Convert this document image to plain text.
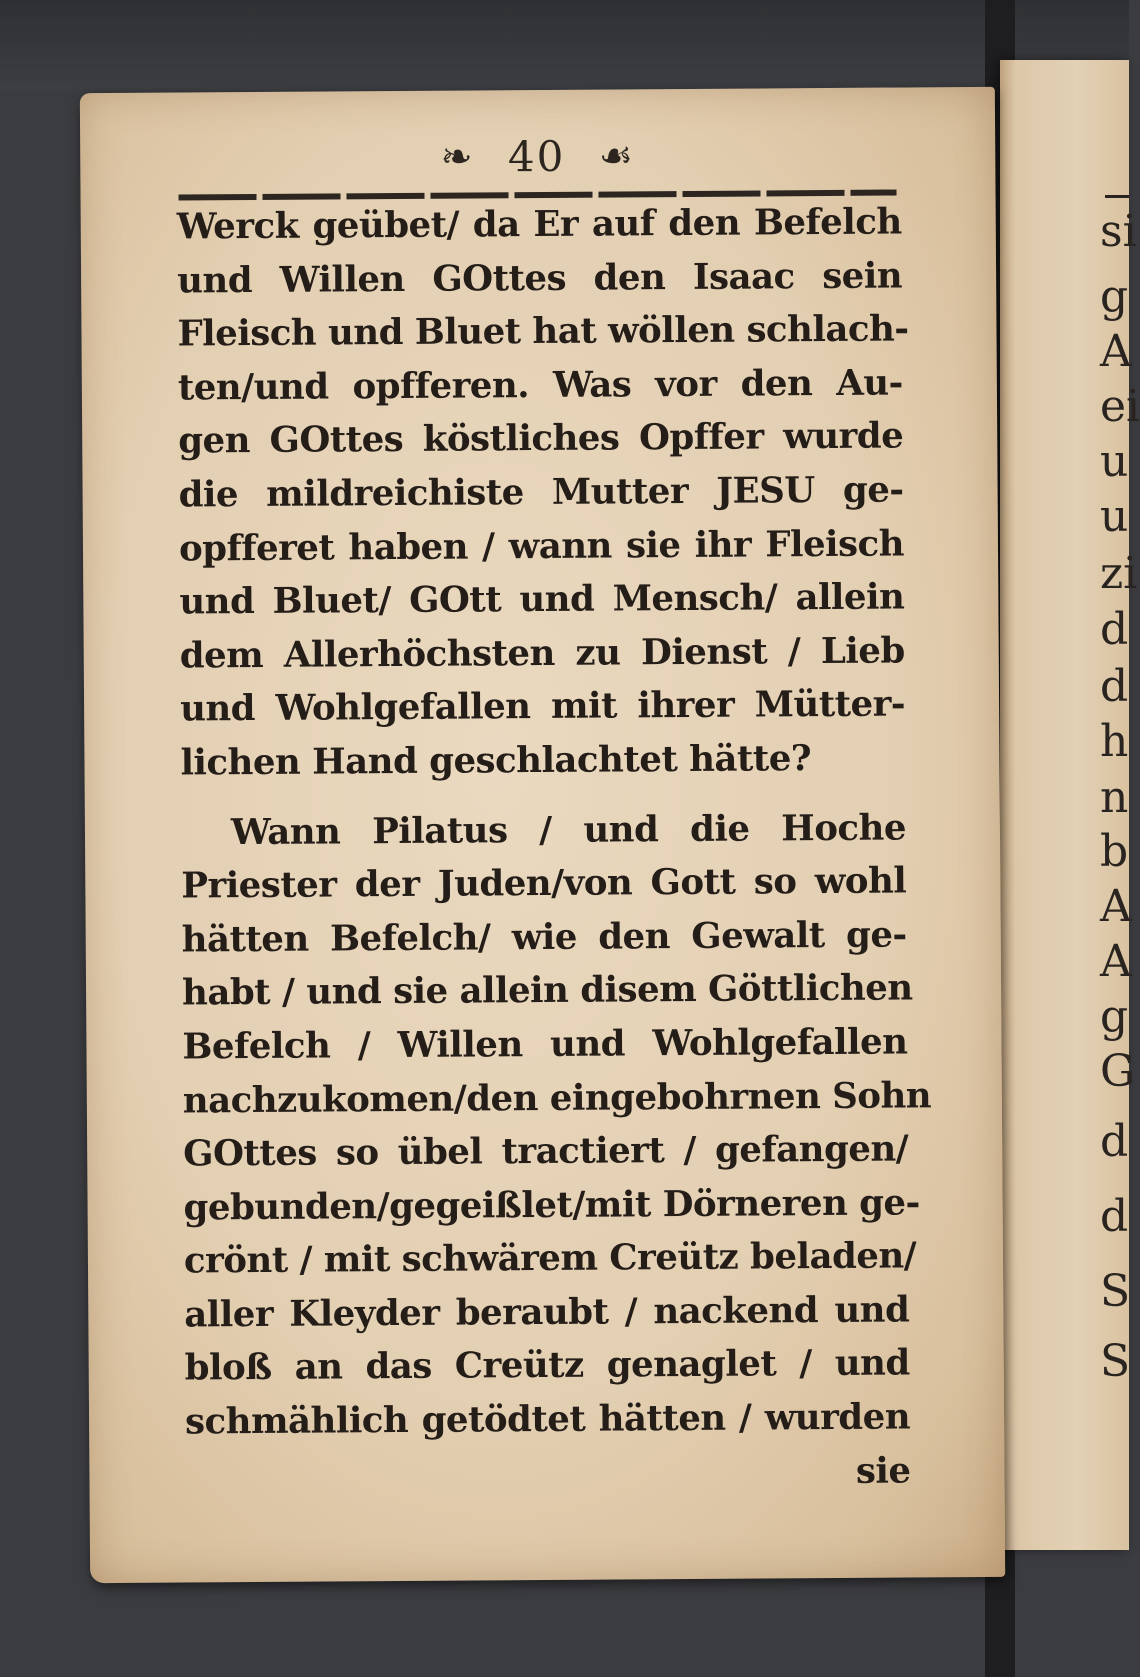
si
g
A
ei
u
u
zi
d
d
h
n
b
A
A
g
G
d
d
S
S
❧ 40 ☙
Werck geübet/ da Er auf den Befelch
und Willen GOttes den Isaac sein
Fleisch und Bluet hat wöllen schlach-
ten/und opfferen. Was vor den Au-
gen GOttes köstliches Opffer wurde
die mildreichiste Mutter JESU ge-
opfferet haben / wann sie ihr Fleisch
und Bluet/ GOtt und Mensch/ allein
dem Allerhöchsten zu Dienst / Lieb
und Wohlgefallen mit ihrer Mütter-
lichen Hand geschlachtet hätte?
Wann Pilatus / und die Hoche
Priester der Juden/von Gott so wohl
hätten Befelch/ wie den Gewalt ge-
habt / und sie allein disem Göttlichen
Befelch / Willen und Wohlgefallen
nachzukomen/den eingebohrnen Sohn
GOttes so übel tractiert / gefangen/
gebunden/gegeißlet/mit Dörneren ge-
crönt / mit schwärem Creütz beladen/
aller Kleyder beraubt / nackend und
bloß an das Creütz genaglet / und
schmählich getödtet hätten / wurden
sie
